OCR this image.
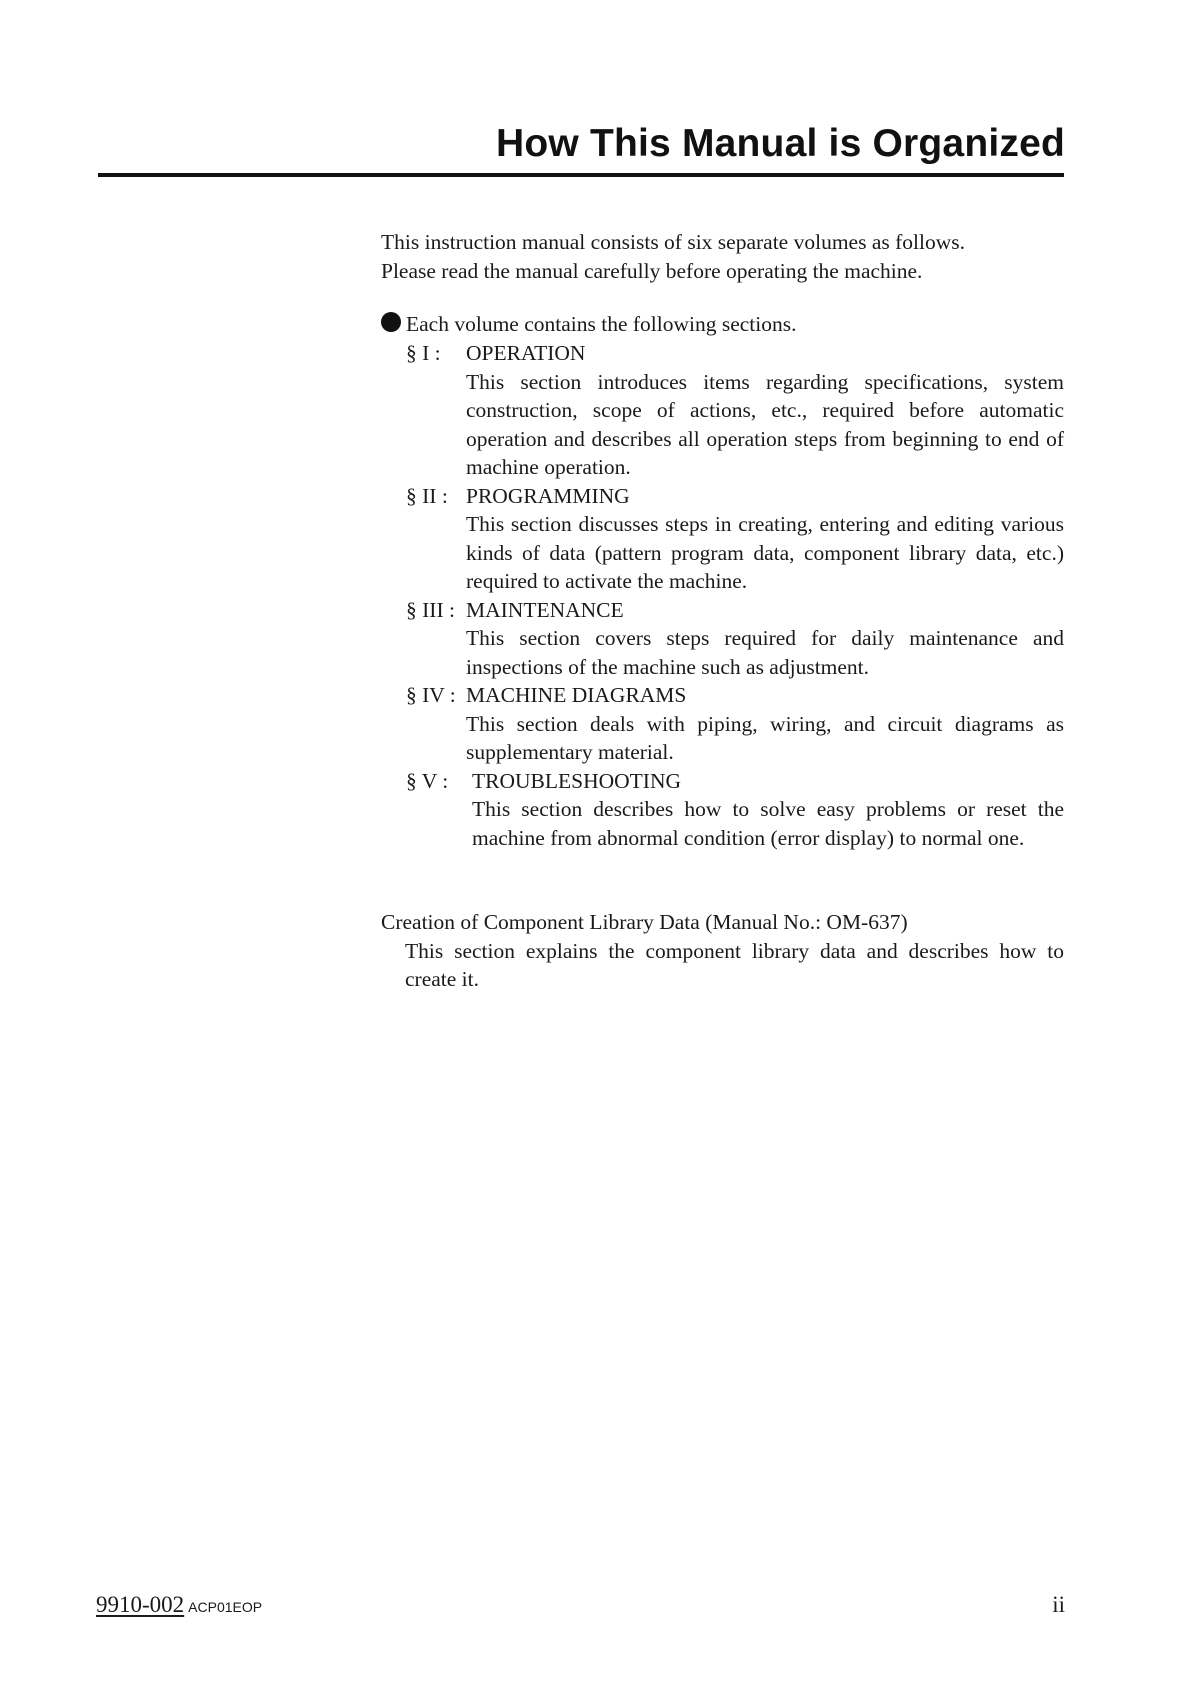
How This Manual is Organized

This instruction manual consists of six separate volumes as follows.

Please read the manual carefully before operating the machine.

Each volume contains the following sections.
§ I :	OPERATION
This section introduces items regarding specifications, system construction, scope of actions, etc., required before automatic operation and describes all operation steps from beginning to end of machine operation.
§ II : PROGRAMMING
This section discusses steps in creating, entering and editing various kinds of data (pattern program data, component library data, etc.) required to activate the machine.
§ III : MAINTENANCE
This section covers steps required for daily maintenance and inspections of the machine such as adjustment.
§ IV : MACHINE DIAGRAMS
This section deals with piping, wiring, and circuit diagrams as supplementary material.
§ V :	TROUBLESHOOTING
This section describes how to solve easy problems or reset the machine from abnormal condition (error display) to normal one.

Creation of Component Library Data (Manual No.: OM-637)

This section explains the component library data and describes how to create it.

9910-002 ACP01EOP	ii
